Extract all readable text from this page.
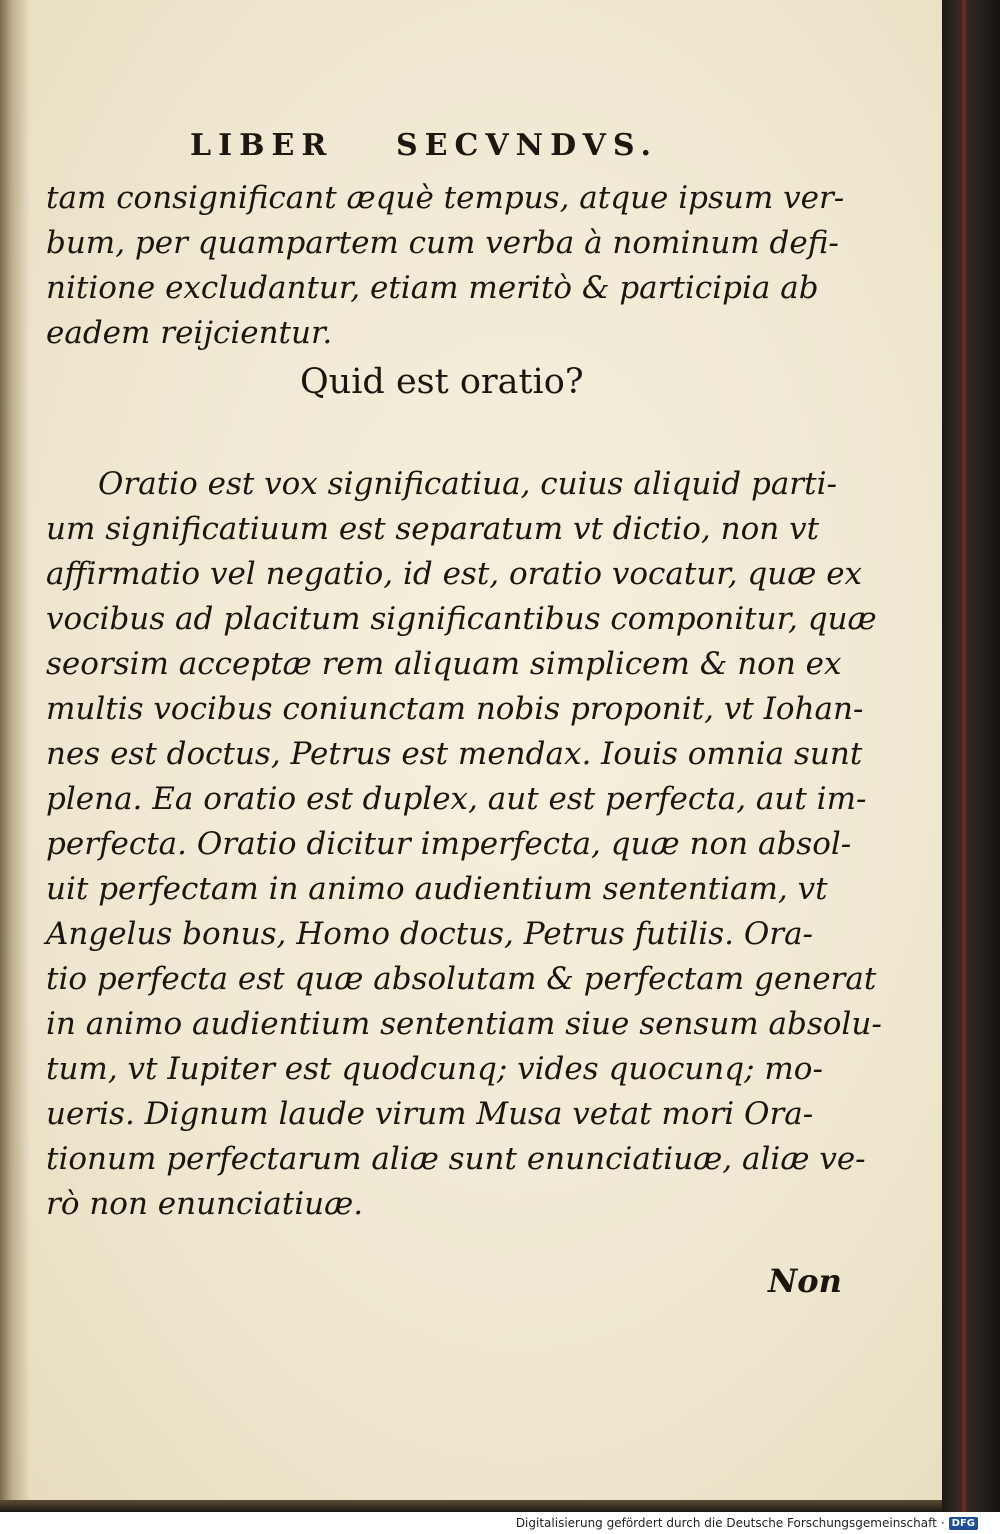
LIBER SECVNDVS.
tam consignificant æquè tempus, atque ipsum ver-
bum, per quampartem cum verba à nominum defi-
nitione excludantur, etiam meritò & participia ab
eadem reijcientur.
Quid est oratio?
Oratio est vox significatiua, cuius aliquid parti-
um significatiuum est separatum vt dictio, non vt
affirmatio vel negatio, id est, oratio vocatur, quæ ex
vocibus ad placitum significantibus componitur, quæ
seorsim acceptæ rem aliquam simplicem & non ex
multis vocibus coniunctam nobis proponit, vt Iohan-
nes est doctus, Petrus est mendax. Iouis omnia sunt
plena. Ea oratio est duplex, aut est perfecta, aut im-
perfecta. Oratio dicitur imperfecta, quæ non absol-
uit perfectam in animo audientium sententiam, vt
Angelus bonus, Homo doctus, Petrus futilis. Ora-
tio perfecta est quæ absolutam & perfectam generat
in animo audientium sententiam siue sensum absolu-
tum, vt Iupiter est quodcunq; vides quocunq; mo-
ueris. Dignum laude virum Musa vetat mori Ora-
tionum perfectarum aliæ sunt enunciatiuæ, aliæ ve-
rò non enunciatiuæ.
Non
Digitalisierung gefördert durch die Deutsche Forschungsgemeinschaft · DFG
